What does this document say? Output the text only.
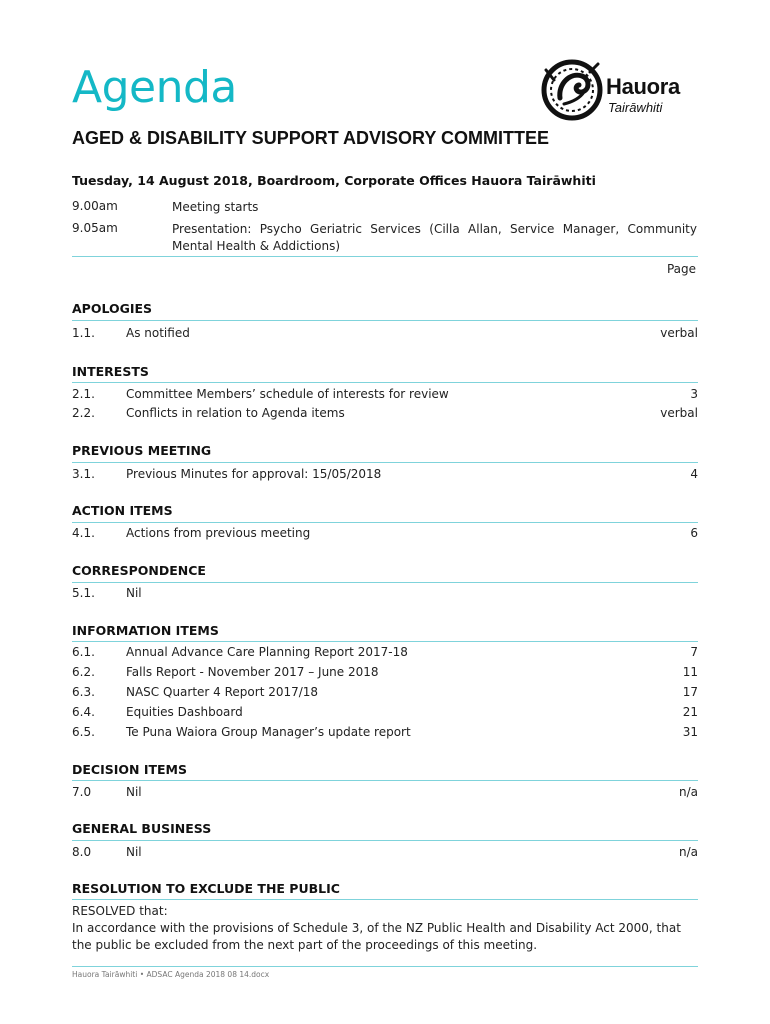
Agenda	Hauora
Tairāwhiti
AGED & DISABILITY SUPPORT ADVISORY COMMITTEE
Tuesday, 14 August 2018, Boardroom, Corporate Offices Hauora Tairāwhiti
9.00am	Meeting starts
9.05am	Presentation: Psycho Geriatric Services (Cilla Allan, Service Manager, Community Mental Health & Addictions)
Page
APOLOGIES
1.1.	As notified	verbal
INTERESTS
2.1.	Committee Members’ schedule of interests for review	3
2.2.	Conflicts in relation to Agenda items	verbal
PREVIOUS MEETING
3.1.	Previous Minutes for approval: 15/05/2018	4
ACTION ITEMS
4.1.	Actions from previous meeting	6
CORRESPONDENCE
5.1.	Nil
INFORMATION ITEMS
6.1.	Annual Advance Care Planning Report 2017-18	7
6.2.	Falls Report - November 2017 – June 2018	11
6.3.	NASC Quarter 4 Report 2017/18	17
6.4.	Equities Dashboard	21
6.5.	Te Puna Waiora Group Manager’s update report	31
DECISION ITEMS
7.0	Nil	n/a
GENERAL BUSINESS
8.0	Nil	n/a
RESOLUTION TO EXCLUDE THE PUBLIC

RESOLVED that:

In accordance with the provisions of Schedule 3, of the NZ Public Health and Disability Act 2000, that the public be excluded from the next part of the proceedings of this meeting.

Hauora Tairāwhiti • ADSAC Agenda 2018 08 14.docx
